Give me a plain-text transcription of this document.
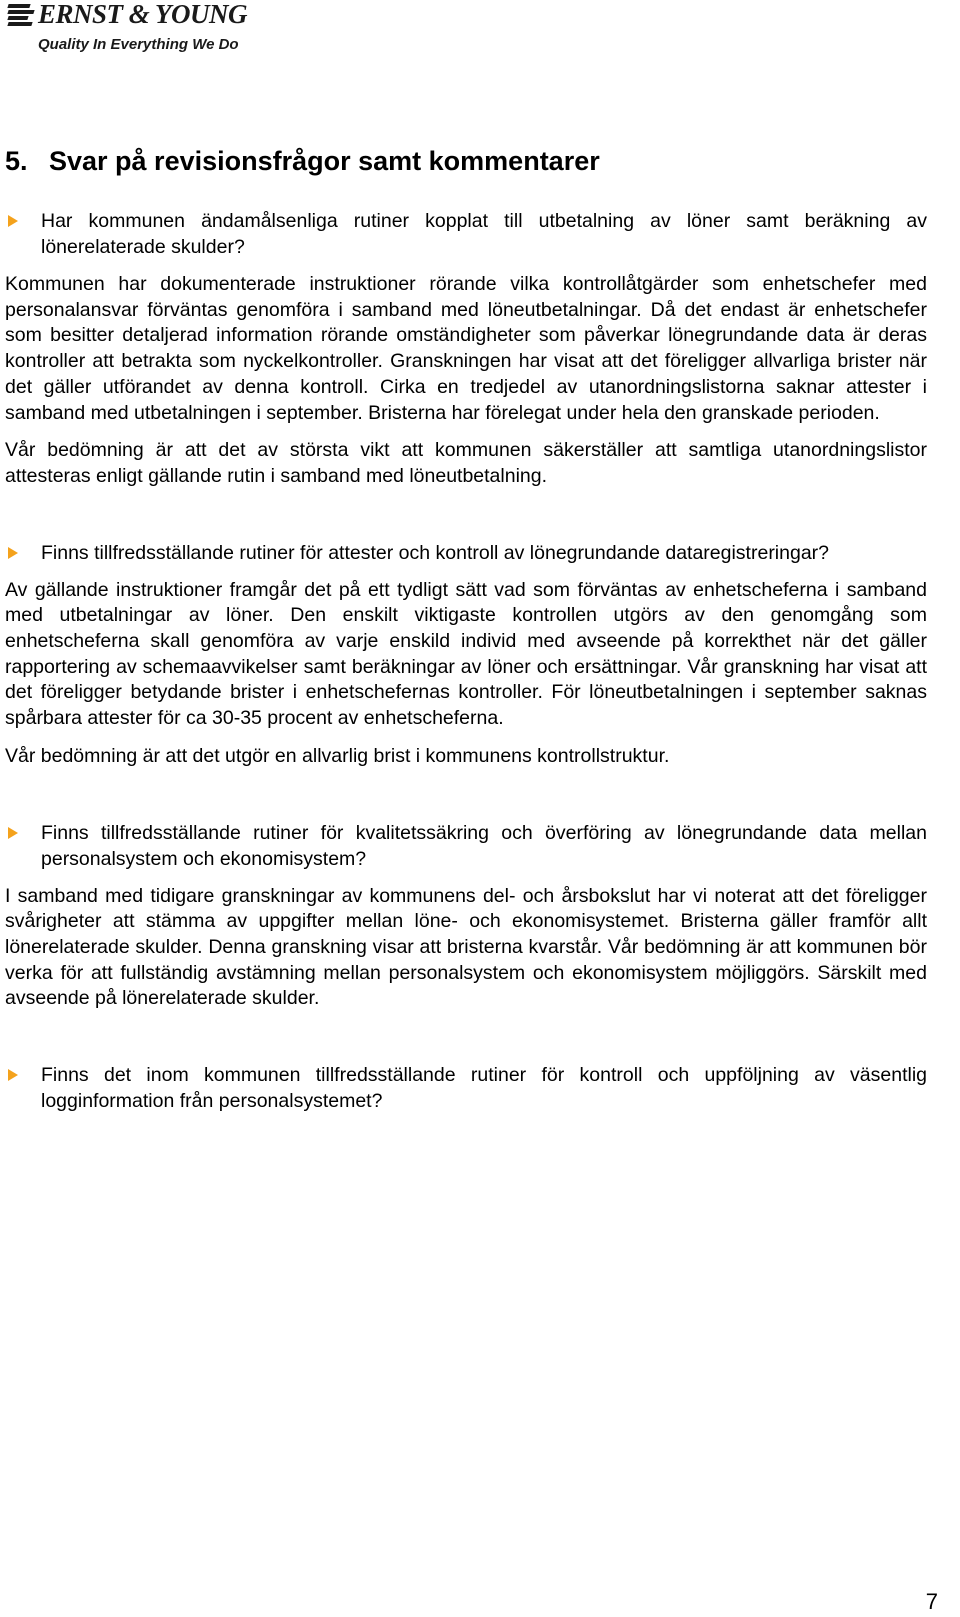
ERNST & YOUNG
Quality In Everything We Do
5. Svar på revisionsfrågor samt kommentarer
Har kommunen ändamålsenliga rutiner kopplat till utbetalning av löner samt beräkning av lönerelaterade skulder?

Kommunen har dokumenterade instruktioner rörande vilka kontrollåtgärder som enhetschefer med personalansvar förväntas genomföra i samband med löneutbetalningar. Då det endast är enhetschefer som besitter detaljerad information rörande omständigheter som påverkar lönegrundande data är deras kontroller att betrakta som nyckelkontroller. Granskningen har visat att det föreligger allvarliga brister när det gäller utförandet av denna kontroll. Cirka en tredjedel av utanordningslistorna saknar attester i samband med utbetalningen i september. Bristerna har förelegat under hela den granskade perioden.

Vår bedömning är att det av största vikt att kommunen säkerställer att samtliga utanordningslistor attesteras enligt gällande rutin i samband med löneutbetalning.

Finns tillfredsställande rutiner för attester och kontroll av lönegrundande dataregistreringar?

Av gällande instruktioner framgår det på ett tydligt sätt vad som förväntas av enhetscheferna i samband med utbetalningar av löner. Den enskilt viktigaste kontrollen utgörs av den genomgång som enhetscheferna skall genomföra av varje enskild individ med avseende på korrekthet när det gäller rapportering av schemaavvikelser samt beräkningar av löner och ersättningar. Vår granskning har visat att det föreligger betydande brister i enhetschefernas kontroller. För löneutbetalningen i september saknas spårbara attester för ca 30-35 procent av enhetscheferna.

Vår bedömning är att det utgör en allvarlig brist i kommunens kontrollstruktur.

Finns tillfredsställande rutiner för kvalitetssäkring och överföring av lönegrundande data mellan personalsystem och ekonomisystem?

I samband med tidigare granskningar av kommunens del- och årsbokslut har vi noterat att det föreligger svårigheter att stämma av uppgifter mellan löne- och ekonomisystemet. Bristerna gäller framför allt lönerelaterade skulder. Denna granskning visar att bristerna kvarstår. Vår bedömning är att kommunen bör verka för att fullständig avstämning mellan personalsystem och ekonomisystem möjliggörs. Särskilt med avseende på lönerelaterade skulder.

Finns det inom kommunen tillfredsställande rutiner för kontroll och uppföljning av väsentlig logginformation från personalsystemet?
7
